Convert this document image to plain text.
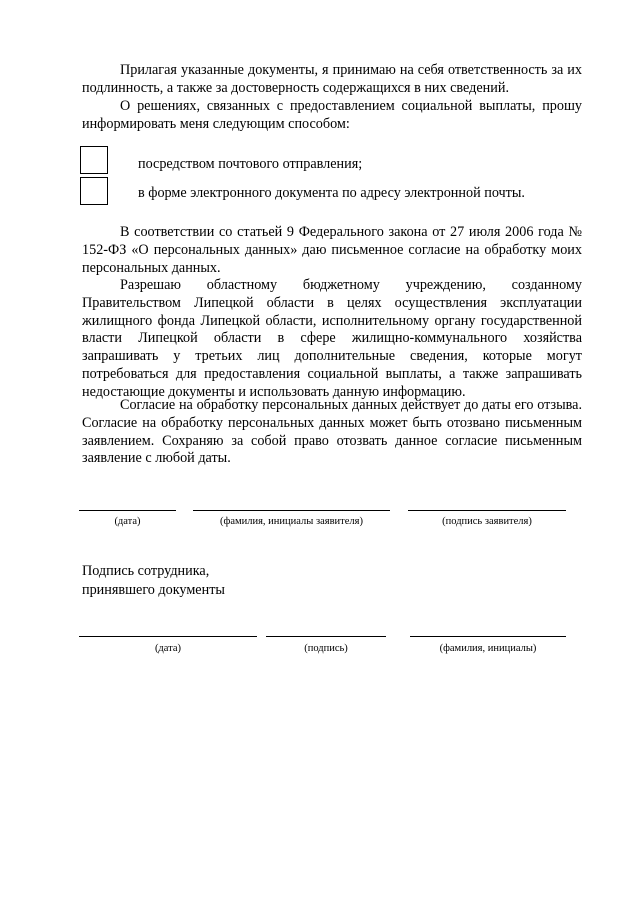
Прилагая указанные документы, я принимаю на себя ответственность за их подлинность, а также за достоверность содержащихся в них сведений.

О решениях, связанных с предоставлением социальной выплаты, прошу информировать меня следующим способом:

посредством почтового отправления;
в форме электронного документа по адресу электронной почты.

В соответствии со статьей 9 Федерального закона от 27 июля 2006 года № 152-ФЗ «О персональных данных» даю письменное согласие на обработку моих персональных данных.

Разрешаю областному бюджетному учреждению, созданному Правительством Липецкой области в целях осуществления эксплуатации жилищного фонда Липецкой области, исполнительному органу государственной власти Липецкой области в сфере жилищно-коммунального хозяйства запрашивать у третьих лиц дополнительные сведения, которые могут потребоваться для предоставления социальной выплаты, а также запрашивать недостающие документы и использовать данную информацию.

Согласие на обработку персональных данных действует до даты его отзыва. Согласие на обработку персональных данных может быть отозвано письменным заявлением. Сохраняю за собой право отозвать данное согласие письменным заявление с любой даты.

(дата)	(фамилия, инициалы заявителя)	(подпись заявителя)
Подпись сотрудника,
принявшего документы
(дата)	(подпись)	(фамилия, инициалы)
